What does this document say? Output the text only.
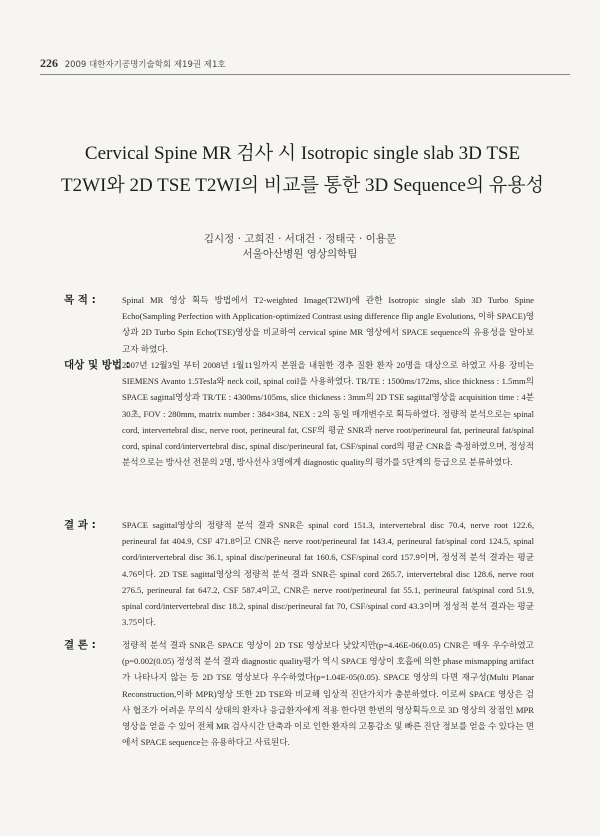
226 2009 대한자기공명기술학회 제19권 제1호
Cervical Spine MR 검사 시 Isotropic single slab 3D TSE
T2WI와 2D TSE T2WI의 비교를 통한 3D Sequence의 유용성
김시정 · 고희진 · 서대건 · 정태국 · 이용문
서울아산병원 영상의학팀
목 적 :	Spinal MR 영상 획득 방법에서 T2-weighted Image(T2WI)에 관한 Isotropic single slab 3D Turbo Spine Echo(Sampling Perfection with Application-optimized Contrast using difference flip angle Evolutions, 이하 SPACE)영상과 2D Turbo Spin Echo(TSE)영상을 비교하여 cervical spine MR 영상에서 SPACE sequence의 유용성을 알아보고자 하였다.
대상 및 방법 :
2007년 12월3일 부터 2008년 1월11일까지 본원을 내원한 경추 질환 환자 20명을 대상으로 하였고 사용 장비는 SIEMENS Avanto 1.5Tesla와 neck coil, spinal coil을 사용하였다. TR/TE : 1500ms/172ms, slice thickness : 1.5mm의 SPACE sagittal영상과 TR/TE : 4300ms/105ms, slice thickness : 3mm의 2D TSE sagittal영상을 acquisition time : 4분 30초, FOV : 280mm, matrix number : 384×384, NEX : 2의 동일 매개변수로 획득하였다. 정량적 분석으로는 spinal cord, intervertebral disc, nerve root, perineural fat, CSF의 평균 SNR과 nerve root/perineural fat, perineural fat/spinal cord, spinal cord/intervertebral disc, spinal disc/perineural fat, CSF/spinal cord의 평균 CNR을 측정하였으며, 정성적 분석으로는 방사선 전문의 2명, 방사선사 3명에게 diagnostic quality의 평가를 5단계의 등급으로 분류하였다.
결 과 :	SPACE sagittal영상의 정량적 분석 결과 SNR은 spinal cord 151.3, intervertebral disc 70.4, nerve root 122.6, perineural fat 404.9, CSF 471.8이고 CNR은 nerve root/perineural fat 143.4, perineural fat/spinal cord 124.5, spinal cord/intervertebral disc 36.1, spinal disc/perineural fat 160.6, CSF/spinal cord 157.9이며, 정성적 분석 결과는 평균 4.76이다. 2D TSE sagittal영상의 정량적 분석 결과 SNR은 spinal cord 265.7, intervertebral disc 128.6, nerve root 276.5, perineural fat 647.2, CSF 587.4이고, CNR은 nerve root/perineural fat 55.1, perineural fat/spinal cord 51.9, spinal cord/intervertebral disc 18.2, spinal disc/perineural fat 70, CSF/spinal cord 43.3이며 정성적 분석 결과는 평균 3.75이다.
결 론 :	정량적 분석 결과 SNR은 SPACE 영상이 2D TSE 영상보다 낮았지만(p=4.46E-06(0.05) CNR은 매우 우수하였고(p=0.002(0.05) 정성적 분석 결과 diagnostic quality평가 역시 SPACE 영상이 호흡에 의한 phase mismapping artifact가 나타나지 않는 등 2D TSE 영상보다 우수하였다(p=1.04E-05(0.05). SPACE 영상의 다면 재구성(Multi Planar Reconstruction,이하 MPR)영상 또한 2D TSE와 비교해 임상적 진단가치가 충분하였다. 이로써 SPACE 영상은 검사 협조가 어려운 무의식 상태의 환자나 응급환자에게 적용 한다면 한번의 영상획득으로 3D 영상의 장점인 MPR영상을 얻을 수 있어 전체 MR 검사시간 단축과 이로 인한 환자의 고통감소 및 빠른 진단 정보를 얻을 수 있다는 면에서 SPACE sequence는 유용하다고 사료된다.
